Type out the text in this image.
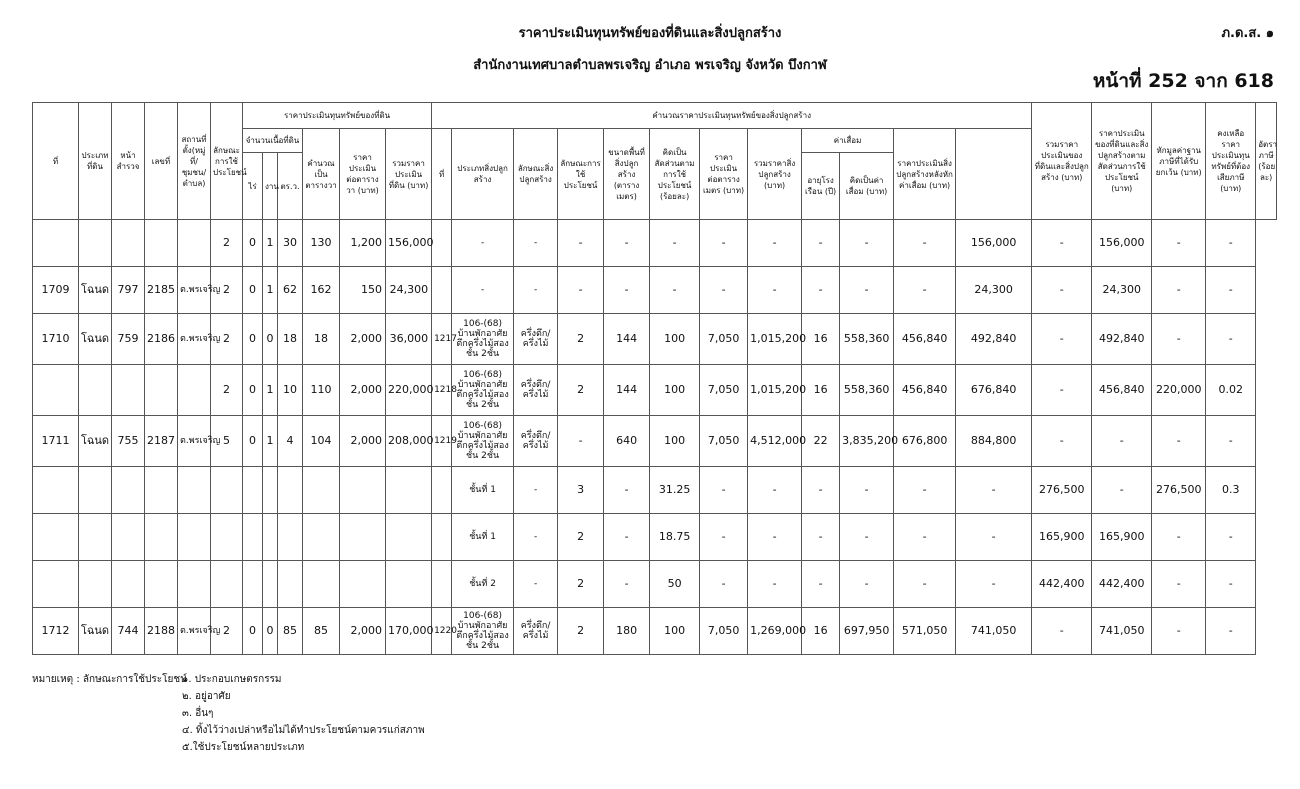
ราคาประเมินทุนทรัพย์ของที่ดินและสิ่งปลูกสร้าง
สำนักงานเทศบาลตำบลพรเจริญ อำเภอ พรเจริญ จังหวัด บึงกาฬ
ภ.ด.ส. ๑
หน้าที่ 252 จาก 618
ที่	ประเภทที่ดิน	หน้าสำรวจ	เลขที่	สถานที่ตั้ง(หมู่ที่/ชุมชน/ตำบล)	ลักษณะการใช้ประโยชน์	ราคาประเมินทุนทรัพย์ของที่ดิน						คำนวณราคาประเมินทุนทรัพย์ของสิ่งปลูกสร้าง												รวมราคาประเมินของที่ดินและสิ่งปลูกสร้าง (บาท)	ราคาประเมินของที่ดินและสิ่งปลูกสร้างตามสัดส่วนการใช้ประโยชน์ (บาท)	หักมูลค่าฐานภาษีที่ได้รับยกเว้น (บาท)	คงเหลือราคาประเมินทุนทรัพย์ที่ต้องเสียภาษี (บาท)	อัตราภาษี (ร้อยละ)
						จำนวนเนื้อที่ดิน			คำนวณเป็นตารางวา	ราคาประเมินต่อตารางวา (บาท)	รวมราคาประเมินที่ดิน (บาท)	ที่	ประเภทสิ่งปลูกสร้าง	ลักษณะสิ่งปลูกสร้าง	ลักษณะการใช้ประโยชน์	ขนาดพื้นที่สิ่งปลูกสร้าง (ตารางเมตร)	คิดเป็นสัดส่วนตามการใช้ประโยชน์ (ร้อยละ)	ราคาประเมินต่อตารางเมตร (บาท)	รวมราคาสิ่งปลูกสร้าง (บาท)	ค่าเสื่อม		ราคาประเมินสิ่งปลูกสร้างหลังหักค่าเสื่อม (บาท)						
						ไร่	งาน	ตร.ว.												อายุโรงเรือน (ปี)	คิดเป็นค่าเสื่อม (บาท)							
					2	0	1	30	130	1,200	156,000		-	-	-	-	-	-	-	-	-	-	156,000	-	156,000	-	-	
1709	โฉนด	797	2185	ต.พรเจริญ	2	0	1	62	162	150	24,300		-	-	-	-	-	-	-	-	-	-	24,300	-	24,300	-	-	
1710	โฉนด	759	2186	ต.พรเจริญ	2	0	0	18	18	2,000	36,000	1217	106-(68) บ้านพักอาศัยตึกครึ่งไม้สองชั้น 2ชั้น	ครึ่งตึก/ครึ่งไม้	2	144	100	7,050	1,015,200	16	558,360	456,840	492,840	-	492,840	-	-	
					2	0	1	10	110	2,000	220,000	1218	106-(68) บ้านพักอาศัยตึกครึ่งไม้สองชั้น 2ชั้น	ครึ่งตึก/ครึ่งไม้	2	144	100	7,050	1,015,200	16	558,360	456,840	676,840	-	456,840	220,000	0.02	
1711	โฉนด	755	2187	ต.พรเจริญ	5	0	1	4	104	2,000	208,000	1219	106-(68) บ้านพักอาศัยตึกครึ่งไม้สองชั้น 2ชั้น	ครึ่งตึก/ครึ่งไม้	-	640	100	7,050	4,512,000	22	3,835,200	676,800	884,800	-	-	-	-	
													ชั้นที่ 1	-	3	-	31.25	-	-	-	-	-	-	276,500	-	276,500	0.3	
													ชั้นที่ 1	-	2	-	18.75	-	-	-	-	-	-	165,900	165,900	-	-	
													ชั้นที่ 2	-	2	-	50	-	-	-	-	-	-	442,400	442,400	-	-	
1712	โฉนด	744	2188	ต.พรเจริญ	2	0	0	85	85	2,000	170,000	1220	106-(68) บ้านพักอาศัยตึกครึ่งไม้สองชั้น 2ชั้น	ครึ่งตึก/ครึ่งไม้	2	180	100	7,050	1,269,000	16	697,950	571,050	741,050	-	741,050	-	-	
หมายเหตุ : ลักษณะการใช้ประโยชน์
๑. ประกอบเกษตรกรรม
๒. อยู่อาศัย
๓. อื่นๆ
๔. ทิ้งไว้ว่างเปล่าหรือไม่ได้ทำประโยชน์ตามควรแก่สภาพ
๕.ใช้ประโยชน์หลายประเภท
